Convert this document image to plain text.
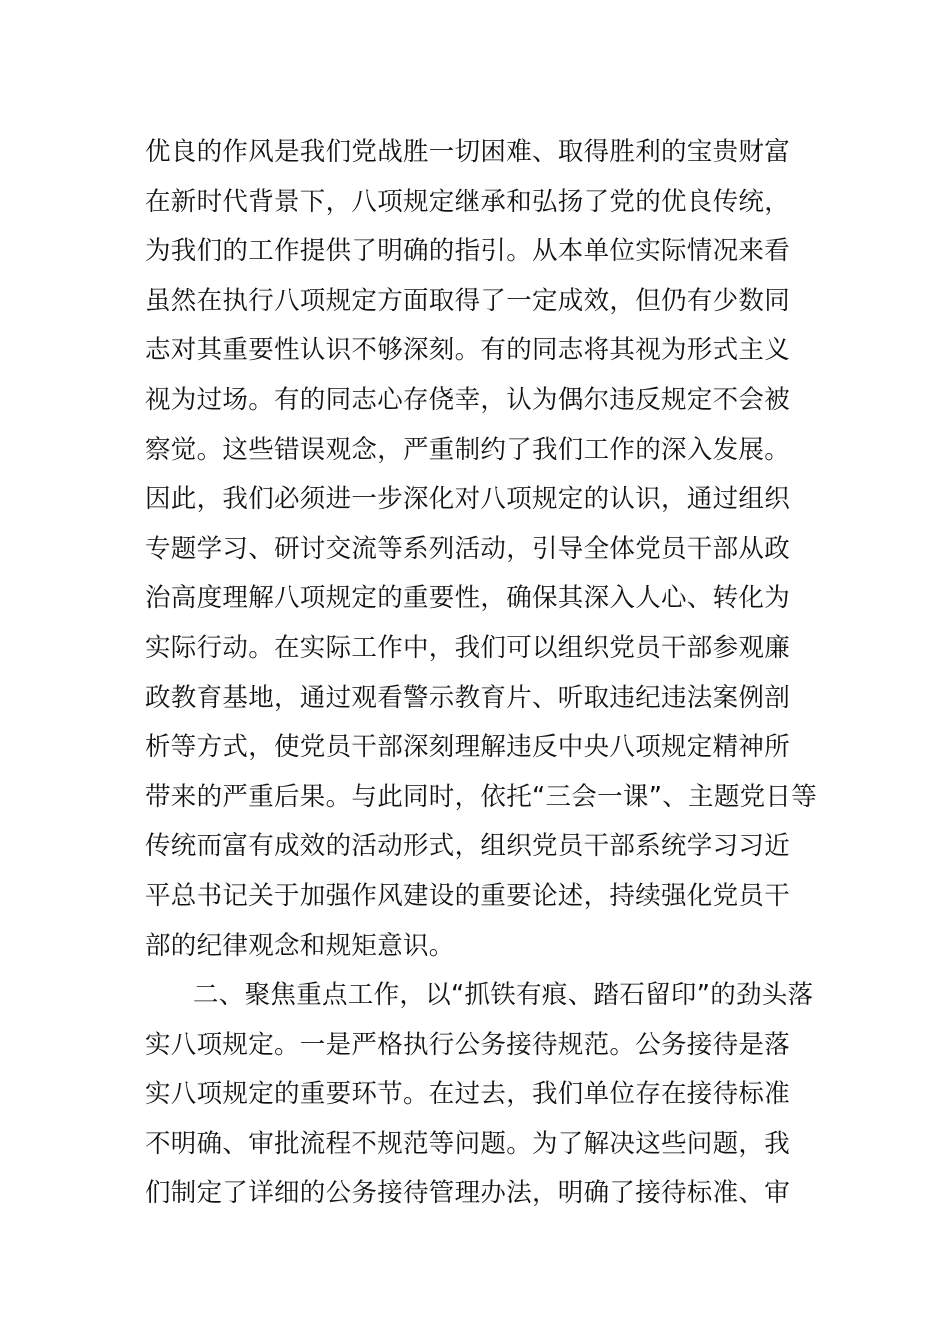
优良的作风是我们党战胜一切困难、取得胜利的宝贵财富
在新时代背景下，八项规定继承和弘扬了党的优良传统，
为我们的工作提供了明确的指引。从本单位实际情况来看
虽然在执行八项规定方面取得了一定成效，但仍有少数同
志对其重要性认识不够深刻。有的同志将其视为形式主义
视为过场。有的同志心存侥幸，认为偶尔违反规定不会被
察觉。这些错误观念，严重制约了我们工作的深入发展。
因此，我们必须进一步深化对八项规定的认识，通过组织
专题学习、研讨交流等系列活动，引导全体党员干部从政
治高度理解八项规定的重要性，确保其深入人心、转化为
实际行动。在实际工作中，我们可以组织党员干部参观廉
政教育基地，通过观看警示教育片、听取违纪违法案例剖
析等方式，使党员干部深刻理解违反中央八项规定精神所
带来的严重后果。与此同时，依托“三会一课”、主题党日等
传统而富有成效的活动形式，组织党员干部系统学习习近
平总书记关于加强作风建设的重要论述，持续强化党员干
部的纪律观念和规矩意识。
二、聚焦重点工作，以“抓铁有痕、踏石留印”的劲头落
实八项规定。一是严格执行公务接待规范。公务接待是落
实八项规定的重要环节。在过去，我们单位存在接待标准
不明确、审批流程不规范等问题。为了解决这些问题，我
们制定了详细的公务接待管理办法，明确了接待标准、审
